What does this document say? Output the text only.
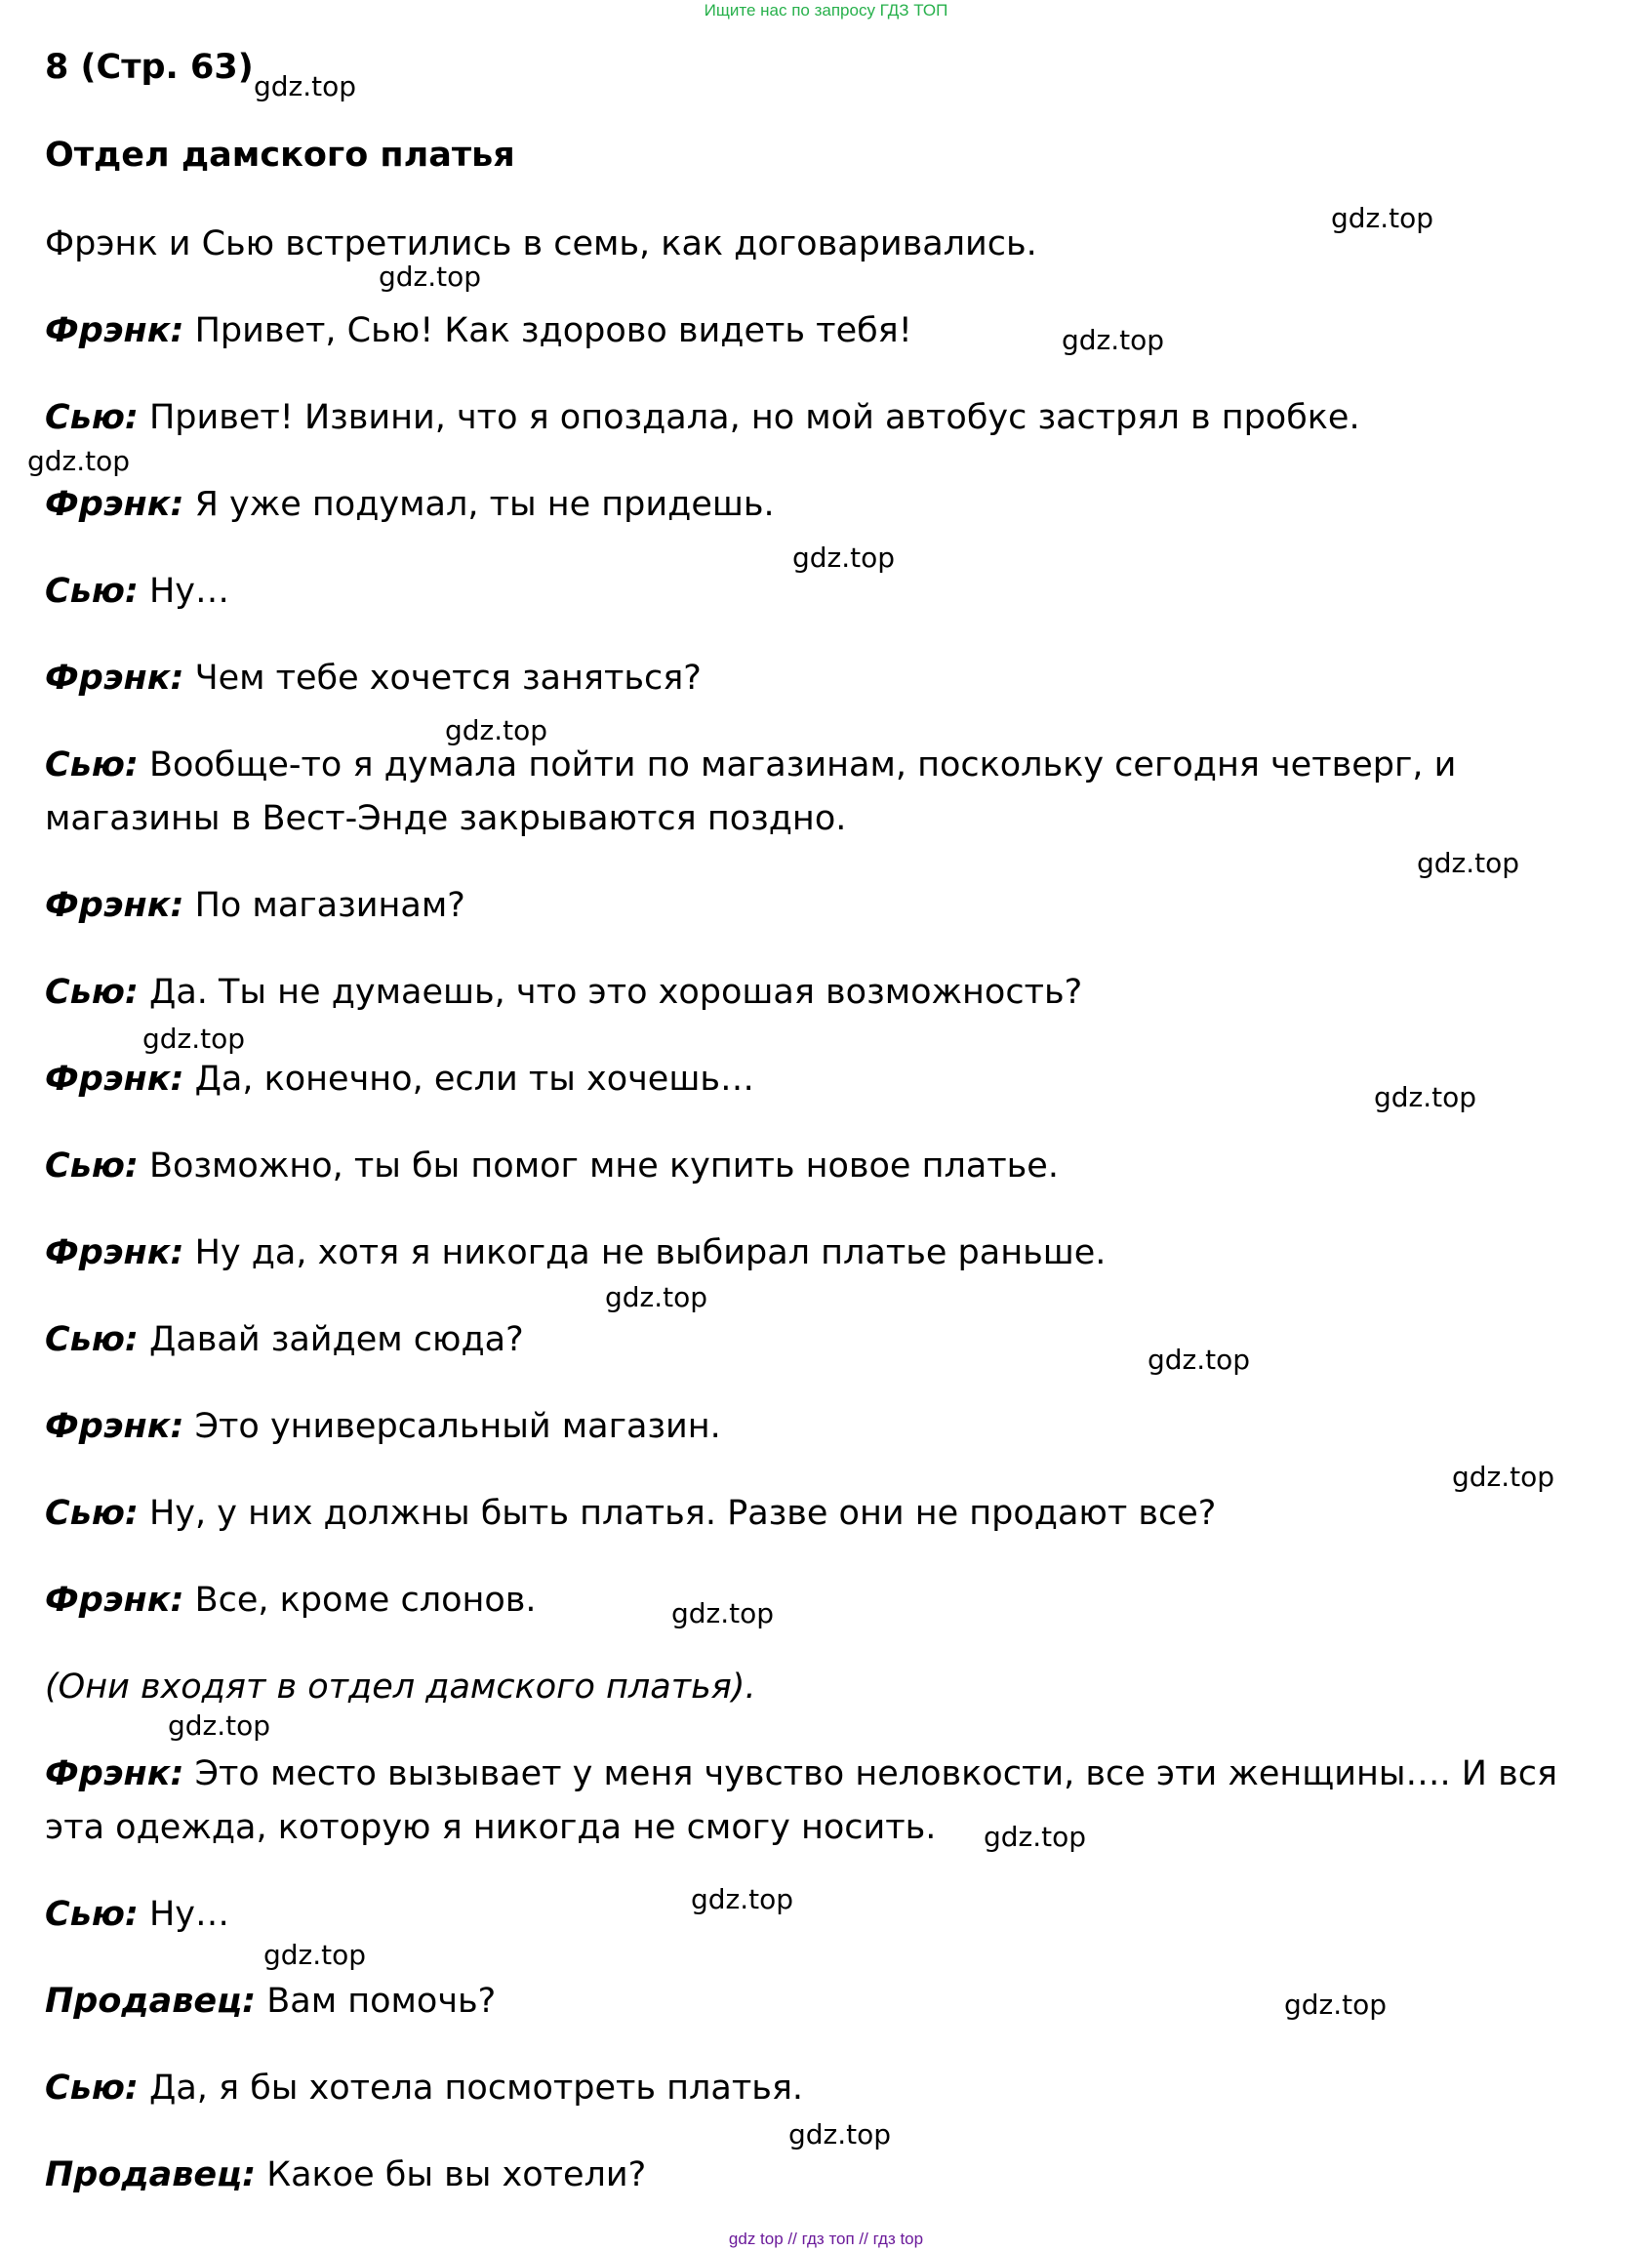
Ищите нас по запросу ГДЗ ТОП
8 (Стр. 63)
Отдел дамского платья
Фрэнк и Сью встретились в семь, как договаривались.
Фрэнк: Привет, Сью! Как здорово видеть тебя!
Сью: Привет! Извини, что я опоздала, но мой автобус застрял в пробке.
Фрэнк: Я уже подумал, ты не придешь.
Сью: Ну…
Фрэнк: Чем тебе хочется заняться?
Сью: Вообще-то я думала пойти по магазинам, поскольку сегодня четверг, и
магазины в Вест-Энде закрываются поздно.
Фрэнк: По магазинам?
Сью: Да. Ты не думаешь, что это хорошая возможность?
Фрэнк: Да, конечно, если ты хочешь…
Сью: Возможно, ты бы помог мне купить новое платье.
Фрэнк: Ну да, хотя я никогда не выбирал платье раньше.
Сью: Давай зайдем сюда?
Фрэнк: Это универсальный магазин.
Сью: Ну, у них должны быть платья. Разве они не продают все?
Фрэнк: Все, кроме слонов.
(Они входят в отдел дамского платья).
Фрэнк: Это место вызывает у меня чувство неловкости, все эти женщины…. И вся
эта одежда, которую я никогда не смогу носить.
Сью: Ну…
Продавец: Вам помочь?
Сью: Да, я бы хотела посмотреть платья.
Продавец: Какое бы вы хотели?
gdz.top
gdz.top
gdz.top
gdz.top
gdz.top
gdz.top
gdz.top
gdz.top
gdz.top
gdz.top
gdz.top
gdz.top
gdz.top
gdz.top
gdz.top
gdz.top
gdz.top
gdz.top
gdz.top
gdz.top
gdz top // гдз топ // гдз top
